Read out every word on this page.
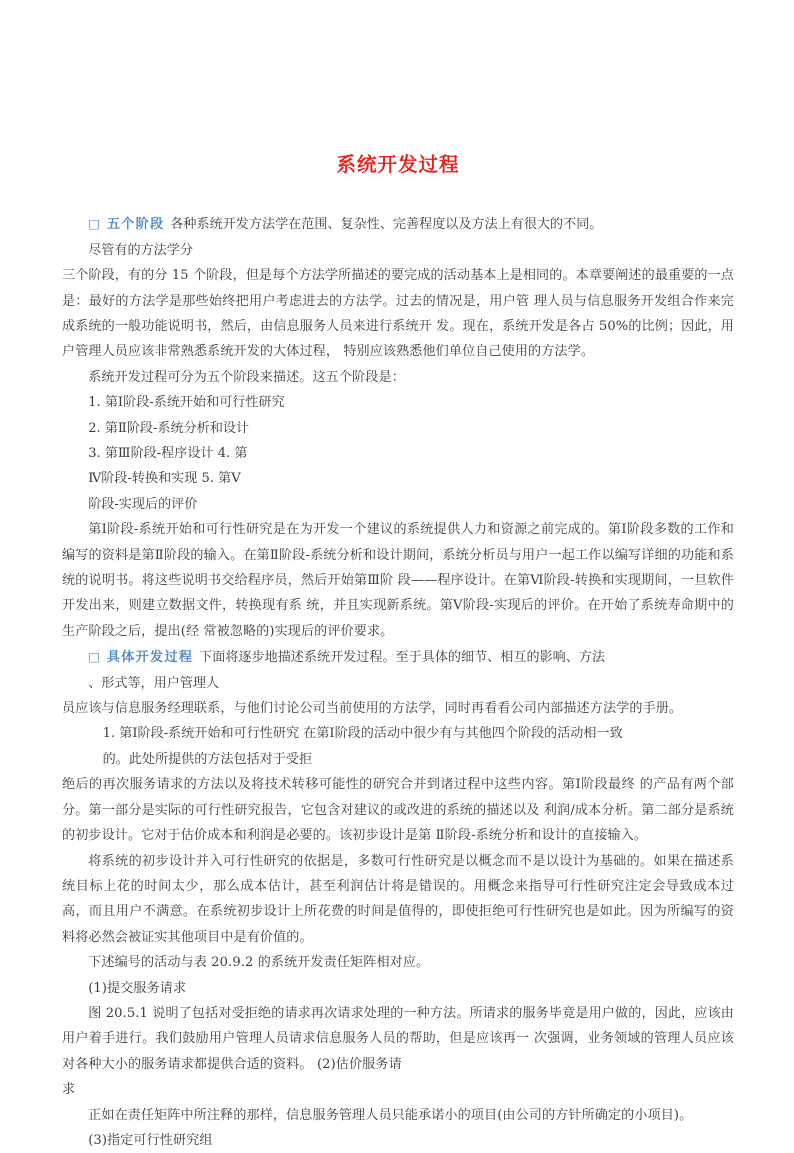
系统开发过程

□ 五个阶段 各种系统开发方法学在范围、复杂性、完善程度以及方法上有很大的不同。

尽管有的方法学分

三个阶段，有的分 15 个阶段，但是每个方法学所描述的要完成的活动基本上是相同的。本章要阐述的最重要的一点是：最好的方法学是那些始终把用户考虑进去的方法学。过去的情况是，用户管 理人员与信息服务开发组合作来完成系统的一般功能说明书，然后，由信息服务人员来进行系统开 发。现在，系统开发是各占 50%的比例；因此，用户管理人员应该非常熟悉系统开发的大体过程， 特别应该熟悉他们单位自己使用的方法学。

系统开发过程可分为五个阶段来描述。这五个阶段是：

1. 第Ⅰ阶段-系统开始和可行性研究

2. 第Ⅱ阶段-系统分析和设计

3. 第Ⅲ阶段-程序设计 4. 第

Ⅳ阶段-转换和实现 5. 第Ⅴ

阶段-实现后的评价

第Ⅰ阶段-系统开始和可行性研究是在为开发一个建议的系统提供人力和资源之前完成的。第Ⅰ阶段多数的工作和编写的资料是第Ⅱ阶段的输入。在第Ⅱ阶段-系统分析和设计期间，系统分析员与用户一起工作以编写详细的功能和系统的说明书。将这些说明书交给程序员，然后开始第Ⅲ阶 段——程序设计。在第Ⅵ阶段-转换和实现期间，一旦软件开发出来，则建立数据文件，转换现有系 统，并且实现新系统。第Ⅴ阶段-实现后的评价。在开始了系统寿命期中的生产阶段之后，提出(经 常被忽略的)实现后的评价要求。

□ 具体开发过程 下面将逐步地描述系统开发过程。至于具体的细节、相互的影响、方法

、形式等，用户管理人

员应该与信息服务经理联系，与他们讨论公司当前使用的方法学，同时再看看公司内部描述方法学的手册。

1. 第Ⅰ阶段-系统开始和可行性研究 在第Ⅰ阶段的活动中很少有与其他四个阶段的活动相一致

的。此处所提供的方法包括对于受拒

绝后的再次服务请求的方法以及将技术转移可能性的研究合并到诸过程中这些内容。第Ⅰ阶段最终 的产品有两个部分。第一部分是实际的可行性研究报告，它包含对建议的或改进的系统的描述以及 利润/成本分析。第二部分是系统的初步设计。它对于估价成本和利润是必要的。该初步设计是第 Ⅱ阶段-系统分析和设计的直接输入。

将系统的初步设计并入可行性研究的依据是，多数可行性研究是以概念而不是以设计为基础的。如果在描述系统目标上花的时间太少，那么成本估计，甚至利润估计将是错误的。用概念来指导可行性研究注定会导致成本过高，而且用户不满意。在系统初步设计上所花费的时间是值得的，即使拒绝可行性研究也是如此。因为所编写的资料将必然会被证实其他项目中是有价值的。

下述编号的活动与表 20.9.2 的系统开发责任矩阵相对应。

(1)提交服务请求

图 20.5.1 说明了包括对受拒绝的请求再次请求处理的一种方法。所请求的服务毕竟是用户做的，因此，应该由用户着手进行。我们鼓励用户管理人员请求信息服务人员的帮助，但是应该再一 次强调，业务领域的管理人员应该对各种大小的服务请求都提供合适的资料。 (2)估价服务请

求

正如在责任矩阵中所注释的那样，信息服务管理人员只能承诺小的项目(由公司的方针所确定的小项目)。

(3)指定可行性研究组
